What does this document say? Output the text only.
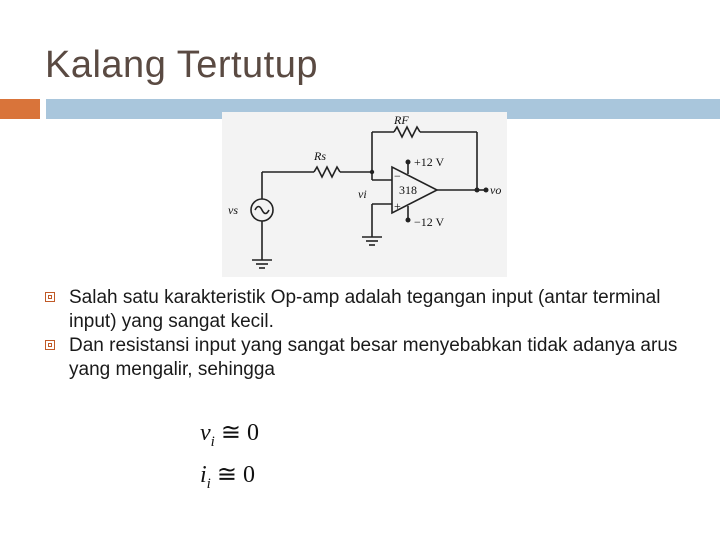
Kalang Tertutup
RF
Rs	+12 V
−12 V
vi	318	vo
vs
−
+
Salah satu karakteristik Op-amp adalah tegangan input (antar terminal input) yang sangat kecil.
Dan resistansi input yang sangat besar menyebabkan tidak adanya arus yang mengalir, sehingga
$v_i$ ≅ 0
$i_i$ ≅ 0
